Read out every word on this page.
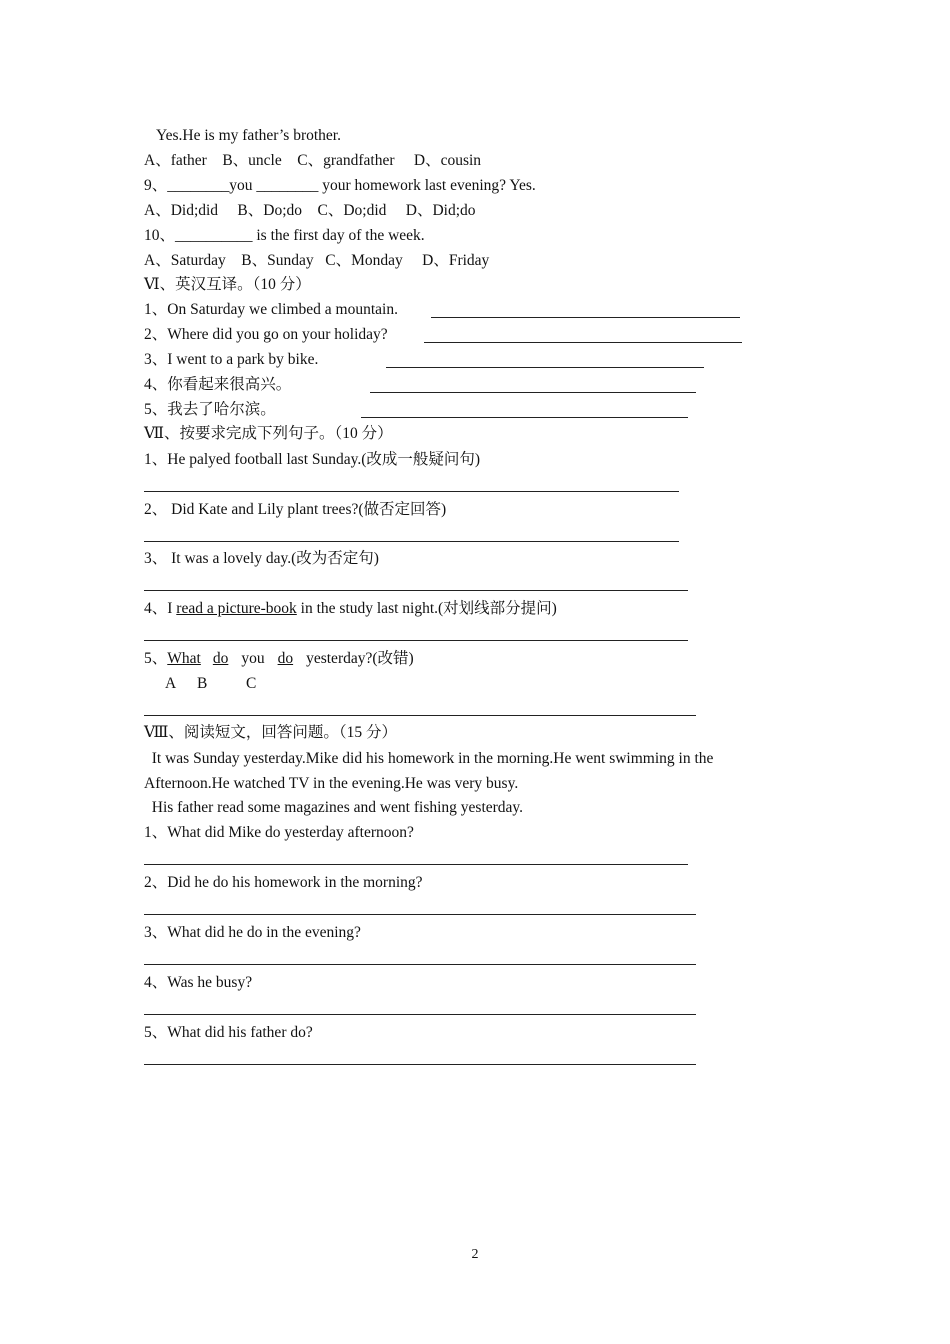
Yes.He is my father’s brother.
A、father    B、uncle    C、grandfather     D、cousin
9、________you ________ your homework last evening? Yes.
A、Did;did     B、Do;do    C、Do;did     D、Did;do
10、__________ is the first day of the week.
A、Saturday    B、Sunday   C、Monday     D、Friday
Ⅵ、英汉互译。（10 分）
1、On Saturday we climbed a mountain.
2、Where did you go on your holiday?
3、I went to a park by bike.
4、你看起来很高兴。
5、我去了哈尔滨。
Ⅶ、按要求完成下列句子。（10 分）
1、He palyed football last Sunday.(改成一般疑问句)
2、 Did Kate and Lily plant trees?(做否定回答)
3、 It was a lovely day.(改为否定句)
4、I read a picture-book in the study last night.(对划线部分提问)
5、What do you do yesterday?(改错)
A B C
Ⅷ、阅读短文，回答问题。（15 分）
It was Sunday yesterday.Mike did his homework in the morning.He went swimming in the
Afternoon.He watched TV in the evening.He was very busy.
His father read some magazines and went fishing yesterday.
1、What did Mike do yesterday afternoon?
2、Did he do his homework in the morning?
3、What did he do in the evening?
4、Was he busy?
5、What did his father do?
2
